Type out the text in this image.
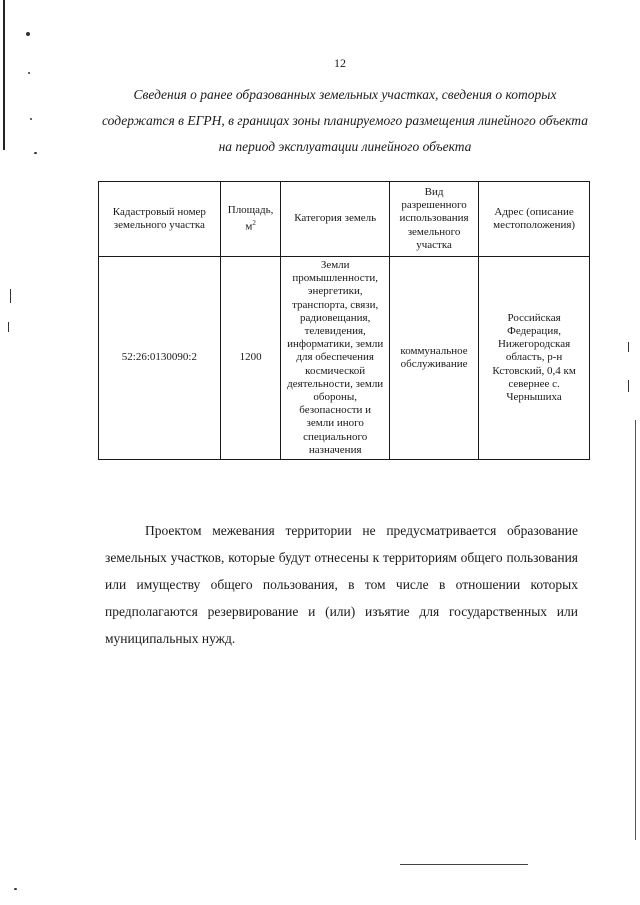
12
Сведения о ранее образованных земельных участках, сведения о которых содержатся в ЕГРН, в границах зоны планируемого размещения линейного объекта на период эксплуатации линейного объекта
Кадастровый номер земельного участка	Площадь, $м^2$	Категория земель	Вид разрешенного использования земельного участка	Адрес (описание местоположения)
52:26:0130090:2	1200	Земли промышленности, энергетики, транспорта, связи, радиовещания, телевидения, информатики, земли для обеспечения космической деятельности, земли обороны, безопасности и земли иного специального назначения	коммунальное обслуживание	Российская Федерация, Нижегородская область, р-н Кстовский, 0,4 км севернее с. Чернышиха
Проектом межевания территории не предусматривается образование земельных участков, которые будут отнесены к территориям общего пользования или имуществу общего пользования, в том числе в отношении которых предполагаются резервирование и (или) изъятие для государственных или муниципальных нужд.
